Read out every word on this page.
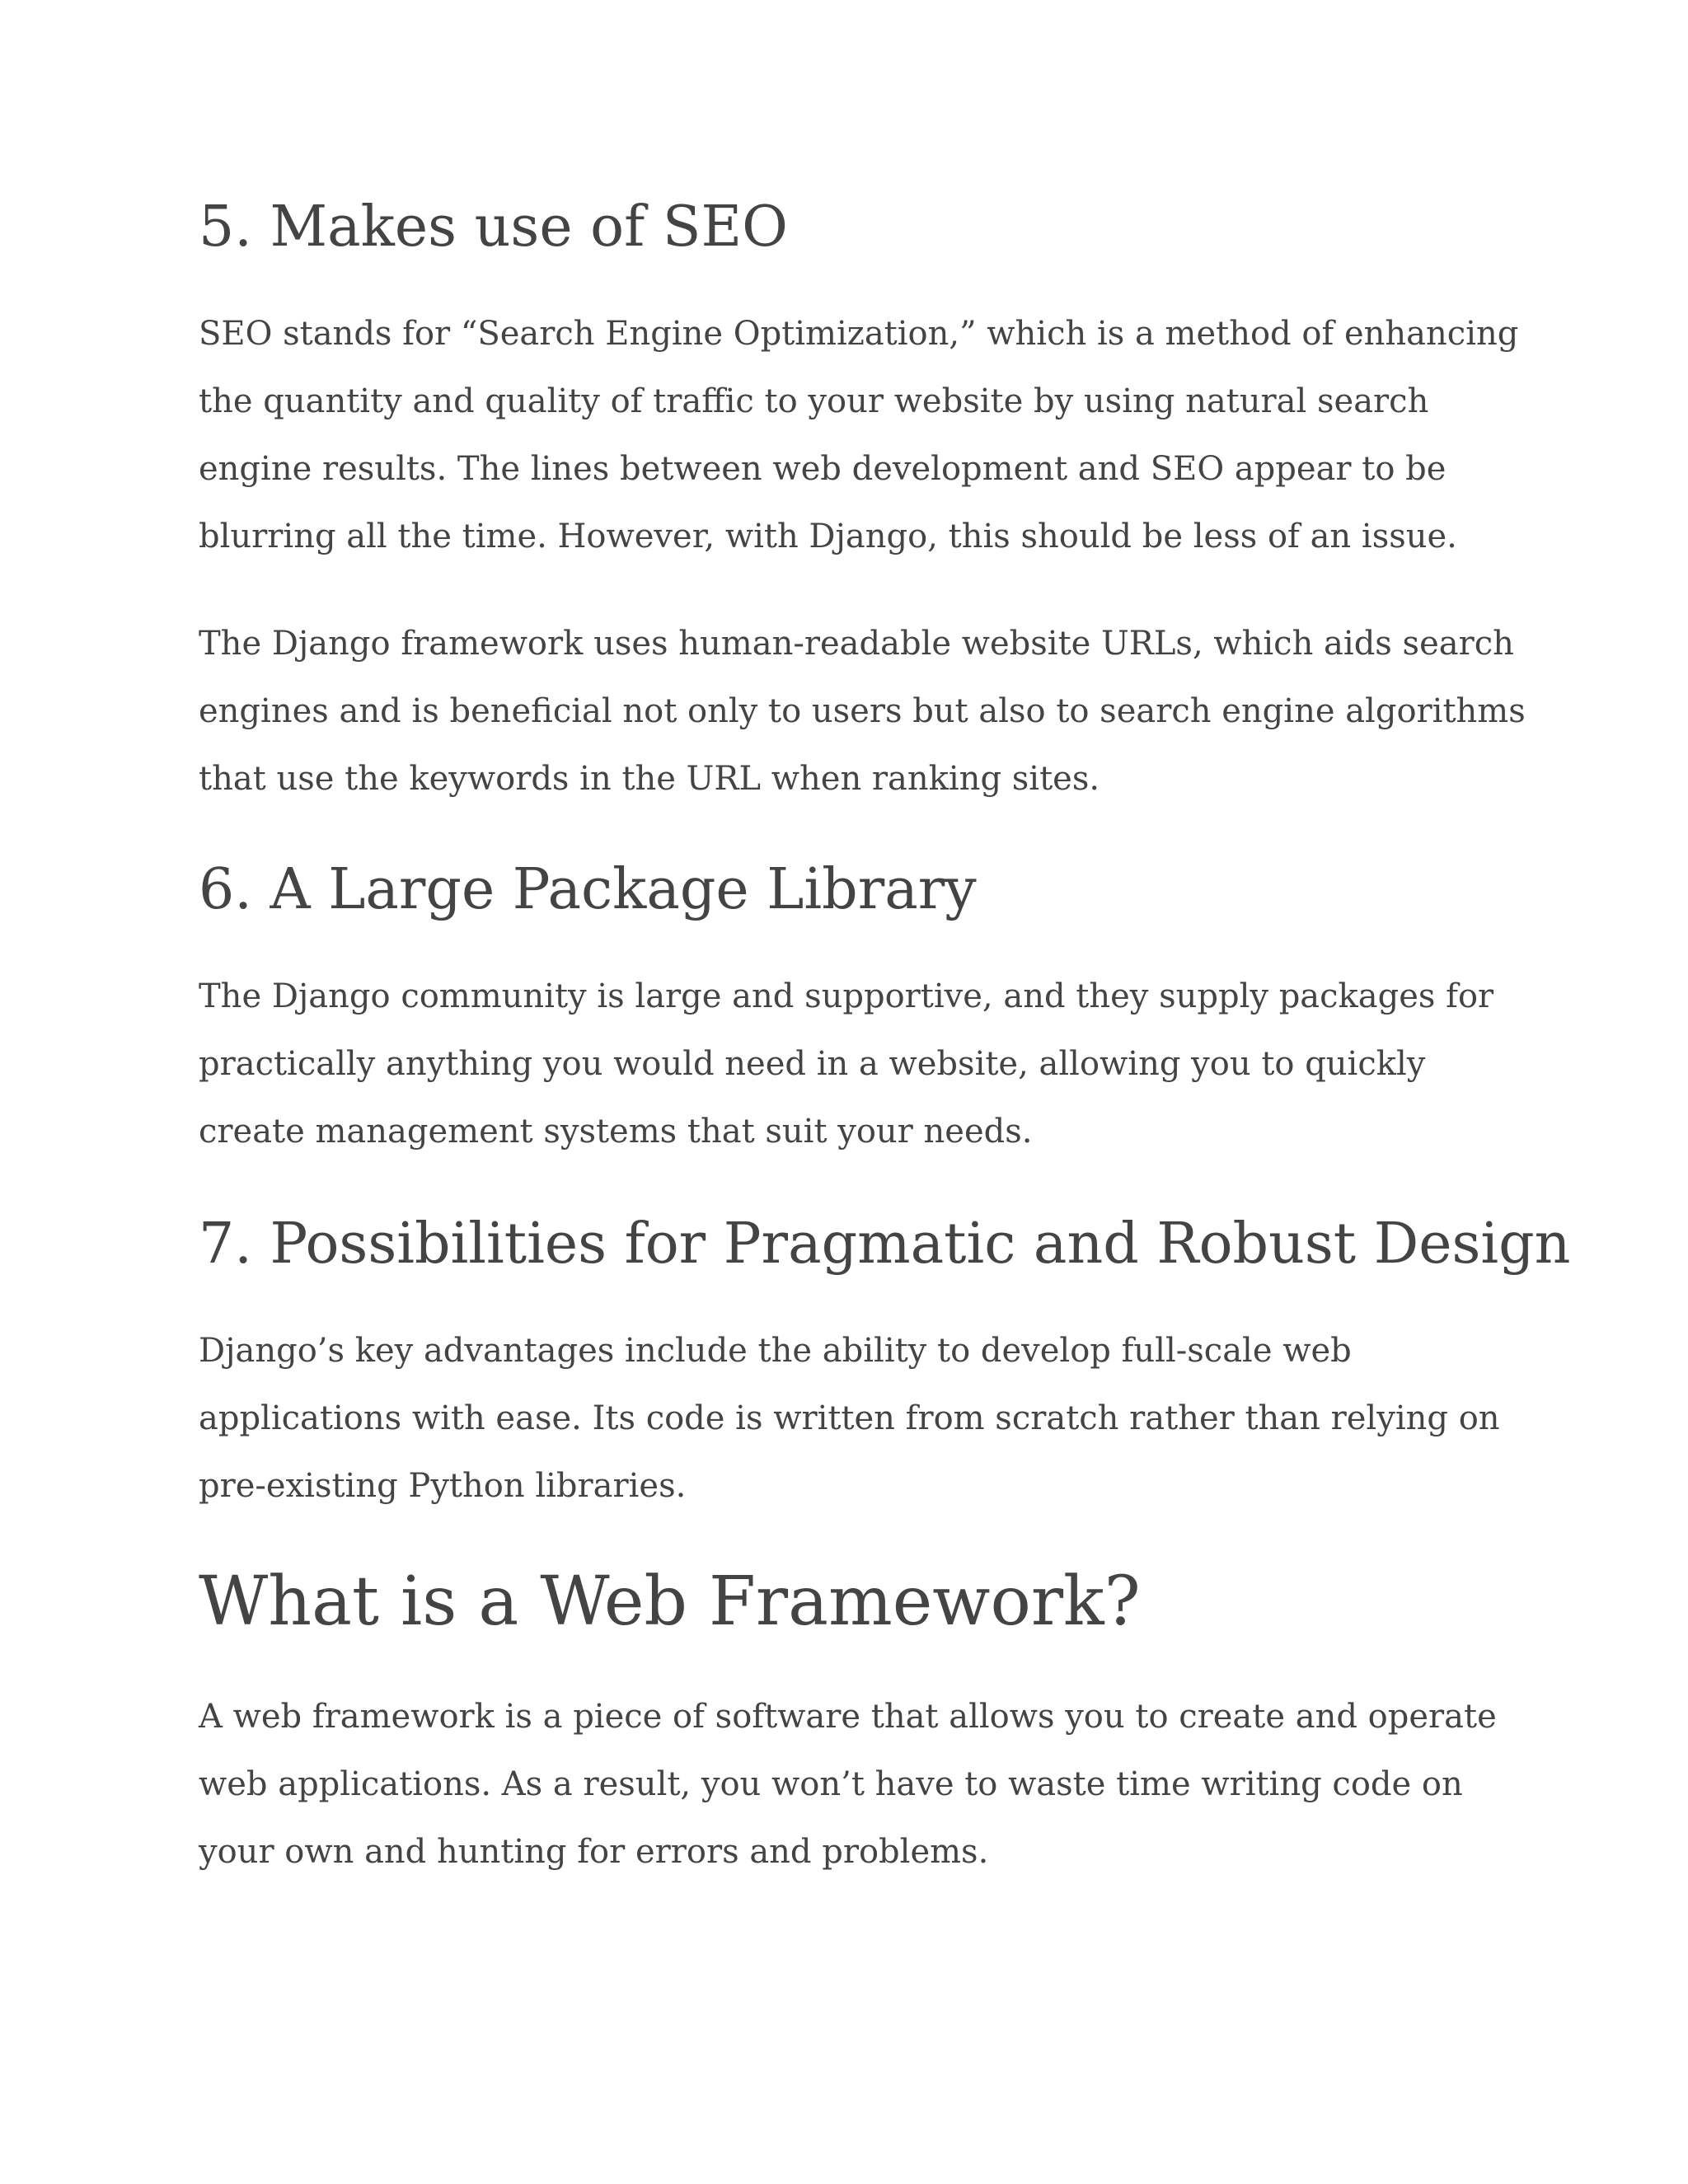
5. Makes use of SEO

SEO stands for “Search Engine Optimization,” which is a method of enhancing
the quantity and quality of traffic to your website by using natural search
engine results. The lines between web development and SEO appear to be
blurring all the time. However, with Django, this should be less of an issue.

The Django framework uses human-readable website URLs, which aids search
engines and is beneficial not only to users but also to search engine algorithms
that use the keywords in the URL when ranking sites.

6. A Large Package Library

The Django community is large and supportive, and they supply packages for
practically anything you would need in a website, allowing you to quickly
create management systems that suit your needs.

7. Possibilities for Pragmatic and Robust Design

Django’s key advantages include the ability to develop full-scale web
applications with ease. Its code is written from scratch rather than relying on
pre-existing Python libraries.

What is a Web Framework?

A web framework is a piece of software that allows you to create and operate
web applications. As a result, you won’t have to waste time writing code on
your own and hunting for errors and problems.
